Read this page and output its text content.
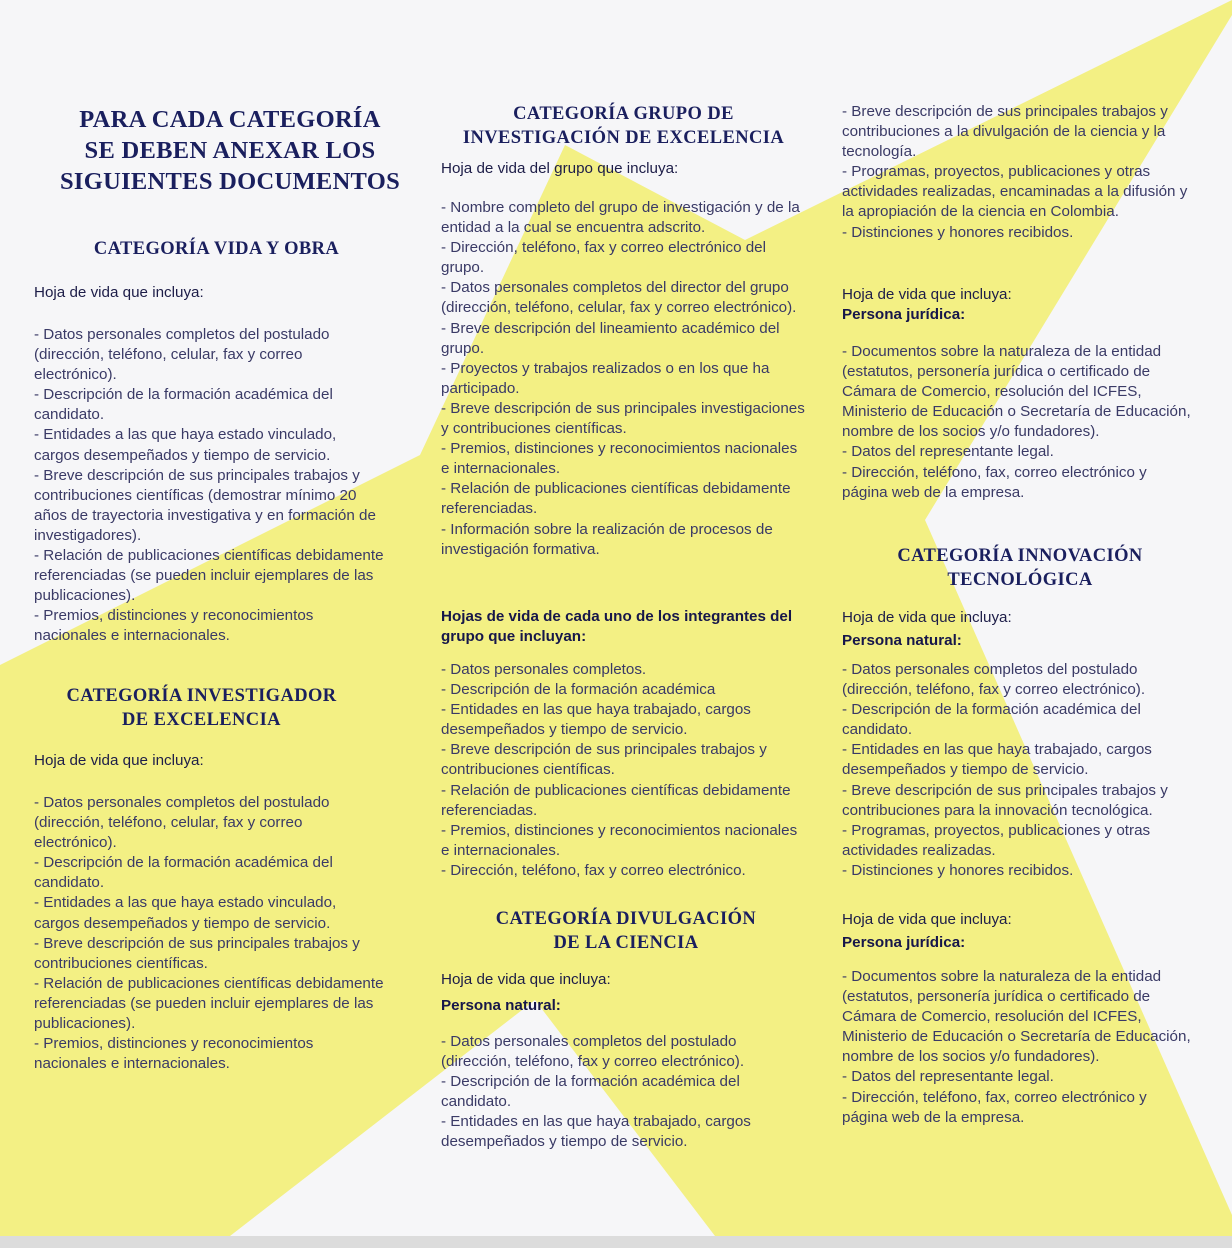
PARA CADA CATEGORÍA
SE DEBEN ANEXAR LOS
SIGUIENTES DOCUMENTOS
CATEGORÍA VIDA Y OBRA
Hoja de vida que incluya:
- Datos personales completos del postulado (dirección, teléfono, celular, fax y correo electrónico).
- Descripción de la formación académica del candidato.
- Entidades a las que haya estado vinculado, cargos desempeñados y tiempo de servicio.
- Breve descripción de sus principales trabajos y contribuciones científicas (demostrar mínimo 20 años de trayectoria investigativa y en formación de investigadores).
- Relación de publicaciones científicas debidamente referenciadas (se pueden incluir ejemplares de las publicaciones).
- Premios, distinciones y reconocimientos nacionales e internacionales.
CATEGORÍA INVESTIGADOR
DE EXCELENCIA
Hoja de vida que incluya:
- Datos personales completos del postulado (dirección, teléfono, celular, fax y correo electrónico).
- Descripción de la formación académica del candidato.
- Entidades a las que haya estado vinculado, cargos desempeñados y tiempo de servicio.
- Breve descripción de sus principales trabajos y contribuciones científicas.
- Relación de publicaciones científicas debidamente referenciadas (se pueden incluir ejemplares de las publicaciones).
- Premios, distinciones y reconocimientos nacionales e internacionales.
CATEGORÍA GRUPO DE
INVESTIGACIÓN DE EXCELENCIA
Hoja de vida del grupo que incluya:
- Nombre completo del grupo de investigación y de la entidad a la cual se encuentra adscrito.
- Dirección, teléfono, fax y correo electrónico del grupo.
- Datos personales completos del director del grupo (dirección, teléfono, celular, fax y correo electrónico).
- Breve descripción del lineamiento académico del grupo.
- Proyectos y trabajos realizados o en los que ha participado.
- Breve descripción de sus principales investigaciones y contribuciones científicas.
- Premios, distinciones y reconocimientos nacionales e internacionales.
- Relación de publicaciones científicas debidamente referenciadas.
- Información sobre la realización de procesos de investigación formativa.
Hojas de vida de cada uno de los integrantes del grupo que incluyan:
- Datos personales completos.
- Descripción de la formación académica
- Entidades en las que haya trabajado, cargos desempeñados y tiempo de servicio.
- Breve descripción de sus principales trabajos y contribuciones científicas.
- Relación de publicaciones científicas debidamente referenciadas.
- Premios, distinciones y reconocimientos nacionales e internacionales.
- Dirección, teléfono, fax y correo electrónico.
CATEGORÍA DIVULGACIÓN
DE LA CIENCIA
Hoja de vida que incluya:
Persona natural:
- Datos personales completos del postulado (dirección, teléfono, fax y correo electrónico).
- Descripción de la formación académica del candidato.
- Entidades en las que haya trabajado, cargos desempeñados y tiempo de servicio.
- Breve descripción de sus principales trabajos y contribuciones a la divulgación de la ciencia y la tecnología.
- Programas, proyectos, publicaciones y otras actividades realizadas, encaminadas a la difusión y la apropiación de la ciencia en Colombia.
- Distinciones y honores recibidos.
Hoja de vida que incluya:
Persona jurídica:
- Documentos sobre la naturaleza de la entidad (estatutos, personería jurídica o certificado de Cámara de Comercio, resolución del ICFES, Ministerio de Educación o Secretaría de Educación, nombre de los socios y/o fundadores).
- Datos del representante legal.
- Dirección, teléfono, fax, correo electrónico y página web de la empresa.
CATEGORÍA INNOVACIÓN
TECNOLÓGICA
Hoja de vida que incluya:
Persona natural:
- Datos personales completos del postulado (dirección, teléfono, fax y correo electrónico).
- Descripción de la formación académica del candidato.
- Entidades en las que haya trabajado, cargos desempeñados y tiempo de servicio.
- Breve descripción de sus principales trabajos y contribuciones para la innovación tecnológica.
- Programas, proyectos, publicaciones y otras actividades realizadas.
- Distinciones y honores recibidos.
Hoja de vida que incluya:
Persona jurídica:
- Documentos sobre la naturaleza de la entidad (estatutos, personería jurídica o certificado de Cámara de Comercio, resolución del ICFES, Ministerio de Educación o Secretaría de Educación, nombre de los socios y/o fundadores).
- Datos del representante legal.
- Dirección, teléfono, fax, correo electrónico y página web de la empresa.
